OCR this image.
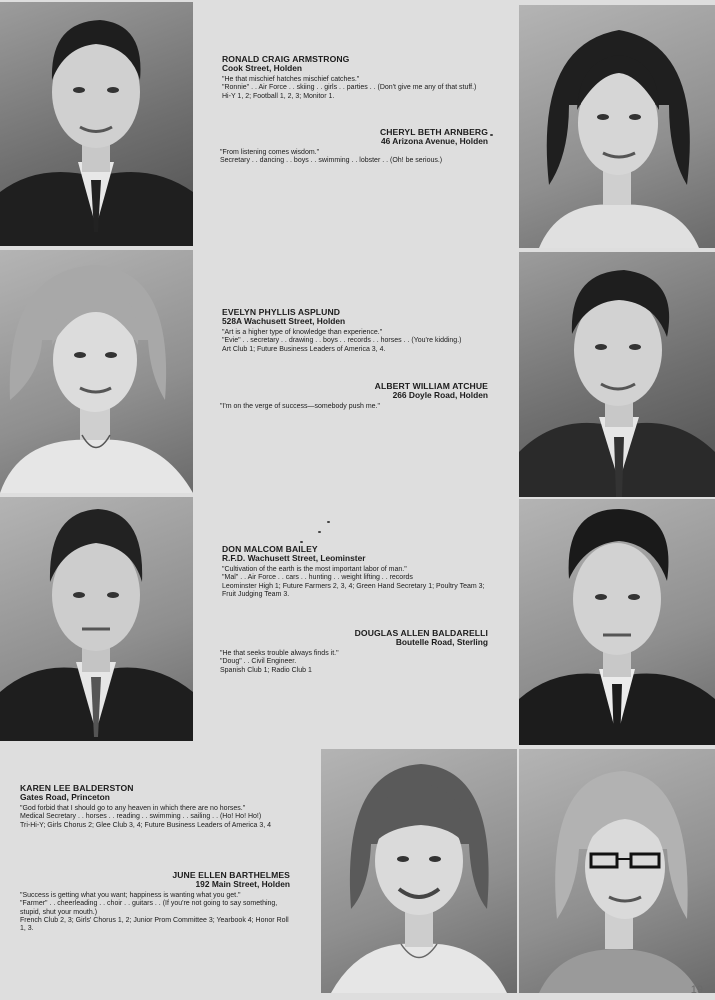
RONALD CRAIG ARMSTRONG
Cook Street, Holden
"He that mischief hatches mischief catches."
"Ronnie" . . Air Force . . skiing . . girls . . parties . . (Don't give me any of that stuff.)
Hi-Y 1, 2; Football 1, 2, 3; Monitor 1.
CHERYL BETH ARNBERG
46 Arizona Avenue, Holden
"From listening comes wisdom."
Secretary . . dancing . . boys . . swimming . . lobster . . (Oh! be serious.)
EVELYN PHYLLIS ASPLUND
528A Wachusett Street, Holden
"Art is a higher type of knowledge than experience."
"Evie" . . secretary . . drawing . . boys . . records . . horses . . (You're kidding.)
Art Club 1; Future Business Leaders of America 3, 4.
ALBERT WILLIAM ATCHUE
266 Doyle Road, Holden
"I'm on the verge of success—somebody push me."
DON MALCOM BAILEY
R.F.D. Wachusett Street, Leominster
"Cultivation of the earth is the most important labor of man."
"Mal" . . Air Force . . cars . . hunting . . weight lifting . . records
Leominster High 1; Future Farmers 2, 3, 4; Green Hand Secretary 1; Poultry Team 3; Fruit Judging Team 3.
DOUGLAS ALLEN BALDARELLI
Boutelle Road, Sterling
"He that seeks trouble always finds it."
"Doug" . . Civil Engineer.
Spanish Club 1; Radio Club 1
KAREN LEE BALDERSTON
Gates Road, Princeton
"God forbid that I should go to any heaven in which there are no horses."
Medical Secretary . . horses . . reading . . swimming . . sailing . . (Ho! Ho! Ho!)
Tri-Hi-Y; Girls Chorus 2; Glee Club 3, 4; Future Business Leaders of America 3, 4
JUNE ELLEN BARTHELMES
192 Main Street, Holden
"Success is getting what you want; happiness is wanting what you get."
"Farmer" . . cheerleading . . choir . . guitars . . (If you're not going to say something, stupid, shut your mouth.)
French Club 2, 3; Girls' Chorus 1, 2; Junior Prom Committee 3; Yearbook 4; Honor Roll 1, 3.
19
